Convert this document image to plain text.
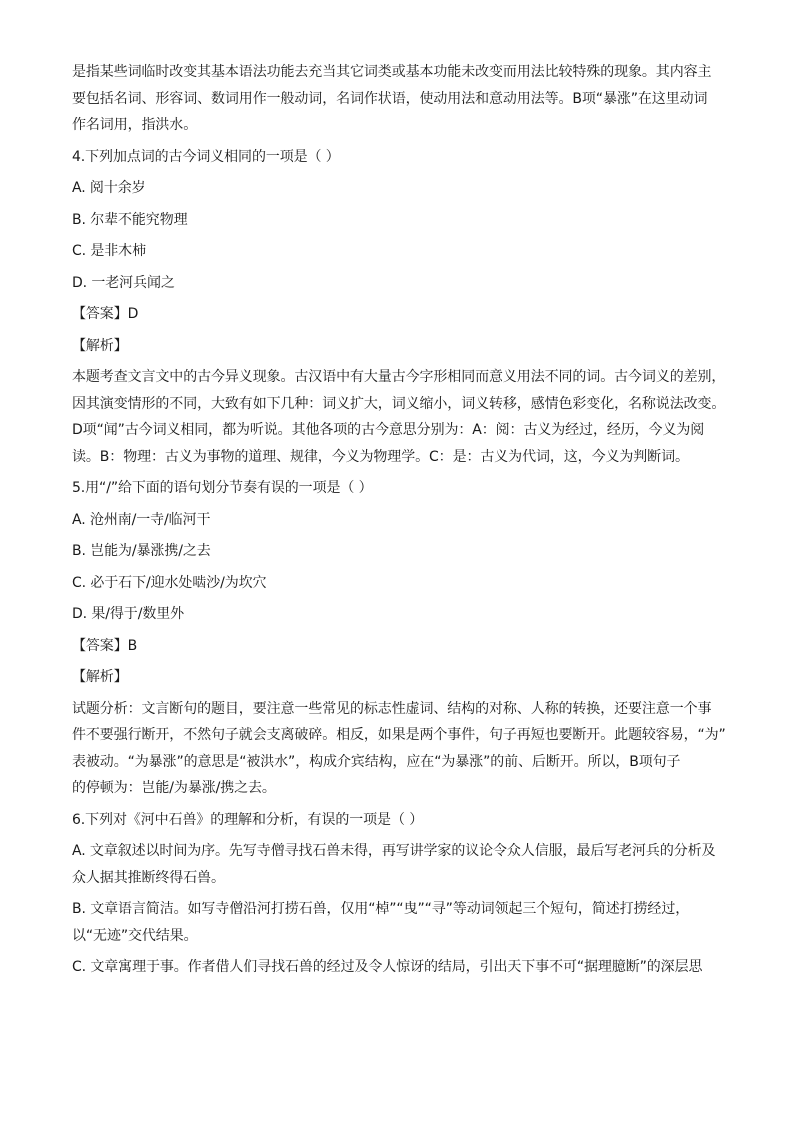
是指某些词临时改变其基本语法功能去充当其它词类或基本功能未改变而用法比较特殊的现象。其内容主
要包括名词、形容词、数词用作一般动词，名词作状语，使动用法和意动用法等。B项“暴涨”在这里动词
作名词用，指洪水。
4.下列加点词的古今词义相同的一项是（ ）
A. 阅十余岁
B. 尔辈不能究物理
C. 是非木柿
D. 一老河兵闻之
【答案】D
【解析】
本题考查文言文中的古今异义现象。古汉语中有大量古今字形相同而意义用法不同的词。古今词义的差别，
因其演变情形的不同，大致有如下几种：词义扩大，词义缩小，词义转移，感情色彩变化，名称说法改变。
D项“闻”古今词义相同，都为听说。其他各项的古今意思分别为：A：阅：古义为经过，经历，今义为阅
读。B：物理：古义为事物的道理、规律，今义为物理学。C：是：古义为代词，这，今义为判断词。
5.用“/”给下面的语句划分节奏有误的一项是（ ）
A. 沧州南/一寺/临河干
B. 岂能为/暴涨携/之去
C. 必于石下/迎水处啮沙/为坎穴
D. 果/得于/数里外
【答案】B
【解析】
试题分析：文言断句的题目，要注意一些常见的标志性虚词、结构的对称、人称的转换，还要注意一个事
件不要强行断开，不然句子就会支离破碎。相反，如果是两个事件，句子再短也要断开。此题较容易，“为”
表被动。“为暴涨”的意思是“被洪水”，构成介宾结构，应在“为暴涨”的前、后断开。所以，B项句子
的停顿为：岂能/为暴涨/携之去。
6.下列对《河中石兽》的理解和分析，有误的一项是（ ）
A. 文章叙述以时间为序。先写寺僧寻找石兽未得，再写讲学家的议论令众人信服，最后写老河兵的分析及
众人据其推断终得石兽。
B. 文章语言简洁。如写寺僧沿河打捞石兽，仅用“棹”“曳”“寻”等动词领起三个短句，简述打捞经过，
以“无迹”交代结果。
C. 文章寓理于事。作者借人们寻找石兽的经过及令人惊讶的结局，引出天下事不可“据理臆断”的深层思
